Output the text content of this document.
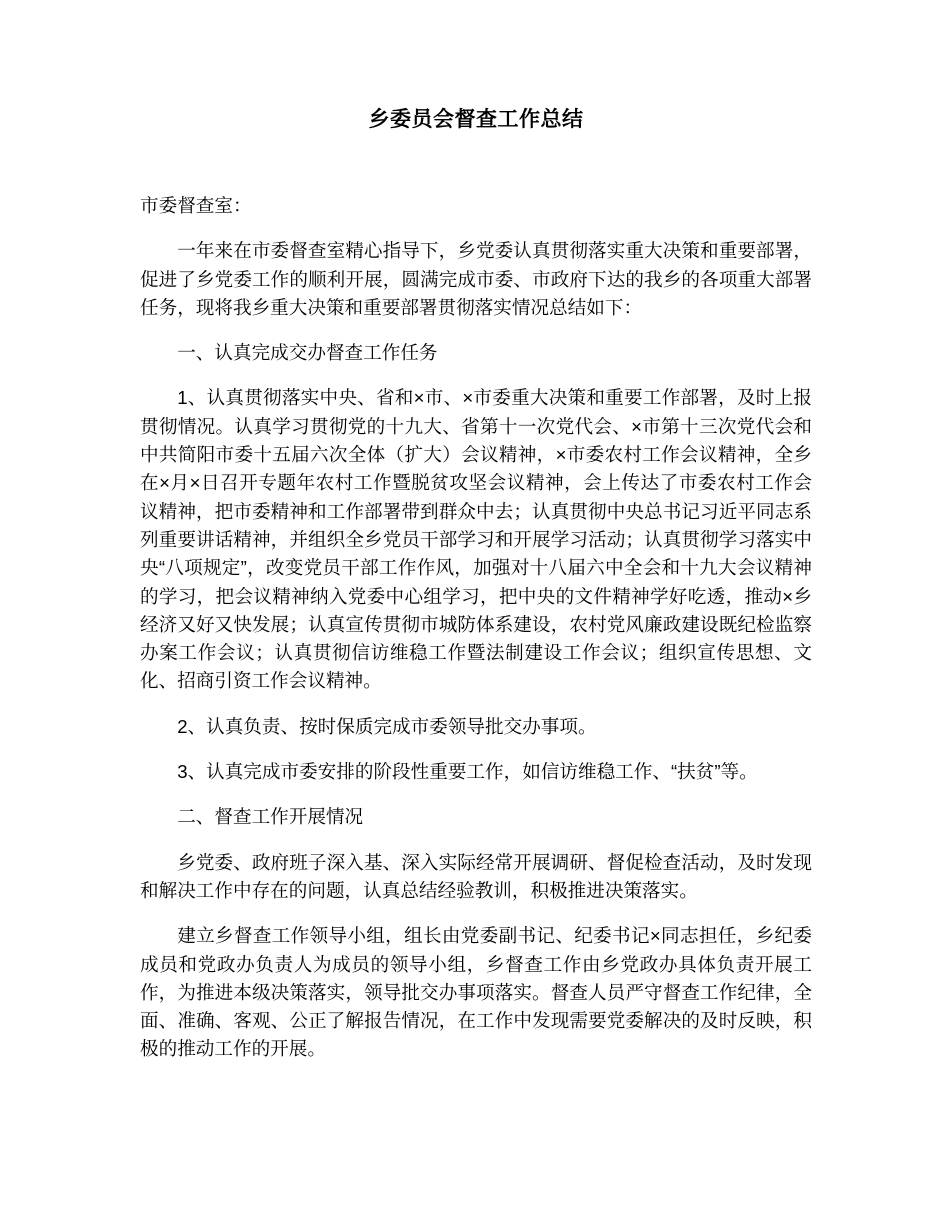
乡委员会督查工作总结

市委督查室：

一年来在市委督查室精心指导下，乡党委认真贯彻落实重大决策和重要部署，促进了乡党委工作的顺利开展，圆满完成市委、市政府下达的我乡的各项重大部署任务，现将我乡重大决策和重要部署贯彻落实情况总结如下：

一、认真完成交办督查工作任务

1、认真贯彻落实中央、省和×市、×市委重大决策和重要工作部署，及时上报贯彻情况。认真学习贯彻党的十九大、省第十一次党代会、×市第十三次党代会和中共简阳市委十五届六次全体（扩大）会议精神，×市委农村工作会议精神，全乡在×月×日召开专题年农村工作暨脱贫攻坚会议精神，会上传达了市委农村工作会议精神，把市委精神和工作部署带到群众中去；认真贯彻中央总书记习近平同志系列重要讲话精神，并组织全乡党员干部学习和开展学习活动；认真贯彻学习落实中央“八项规定”，改变党员干部工作作风，加强对十八届六中全会和十九大会议精神的学习，把会议精神纳入党委中心组学习，把中央的文件精神学好吃透，推动×乡经济又好又快发展；认真宣传贯彻市城防体系建设，农村党风廉政建设既纪检监察办案工作会议；认真贯彻信访维稳工作暨法制建设工作会议；组织宣传思想、文化、招商引资工作会议精神。

2、认真负责、按时保质完成市委领导批交办事项。

3、认真完成市委安排的阶段性重要工作，如信访维稳工作、“扶贫”等。

二、督查工作开展情况

乡党委、政府班子深入基、深入实际经常开展调研、督促检查活动，及时发现和解决工作中存在的问题，认真总结经验教训，积极推进决策落实。

建立乡督查工作领导小组，组长由党委副书记、纪委书记×同志担任，乡纪委成员和党政办负责人为成员的领导小组，乡督查工作由乡党政办具体负责开展工作，为推进本级决策落实，领导批交办事项落实。督查人员严守督查工作纪律，全面、准确、客观、公正了解报告情况，在工作中发现需要党委解决的及时反映，积极的推动工作的开展。
